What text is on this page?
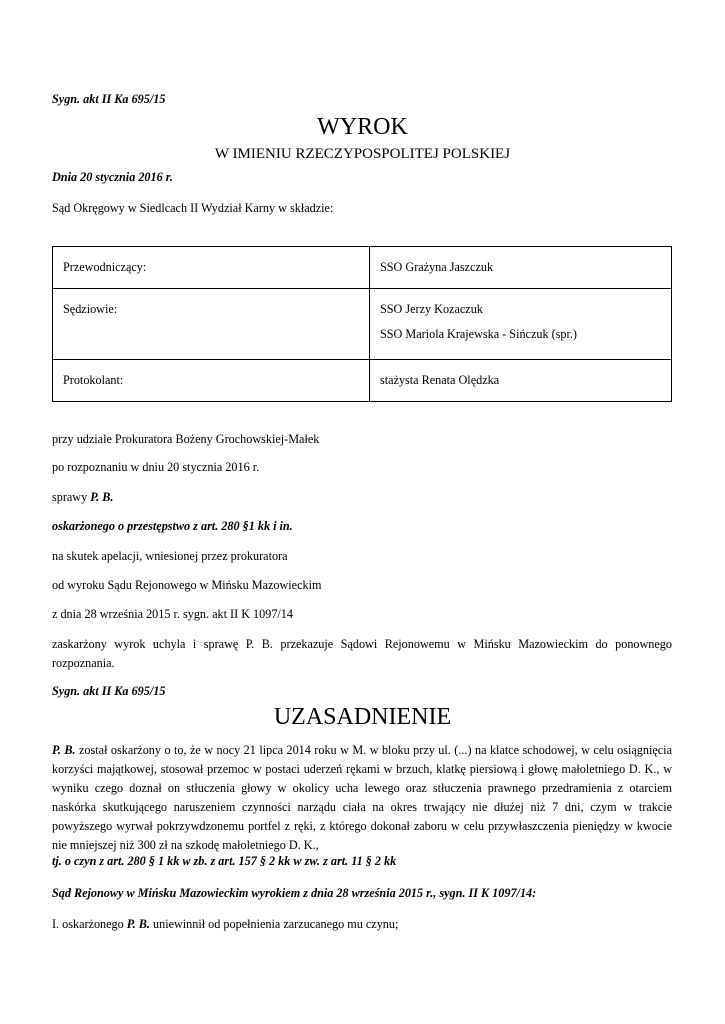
Sygn. akt II Ka 695/15
WYROK
W IMIENIU RZECZYPOSPOLITEJ POLSKIEJ
Dnia 20 stycznia 2016 r.
Sąd Okręgowy w Siedlcach II Wydział Karny w składzie:
Przewodniczący:	SSO Grażyna Jaszczuk

Sędziowie:	SSO Jerzy Kozaczuk
SSO Mariola Krajewska - Sińczuk (spr.)

Protokolant:	stażysta Renata Olędzka
przy udziale Prokuratora Bożeny Grochowskiej-Małek
po rozpoznaniu w dniu 20 stycznia 2016 r.
sprawy P. B.
oskarżonego o przestępstwo z art. 280 §1 kk i in.
na skutek apelacji, wniesionej przez prokuratora
od wyroku Sądu Rejonowego w Mińsku Mazowieckim
z dnia 28 września 2015 r. sygn. akt II K 1097/14
zaskarżony wyrok uchyla i sprawę P. B. przekazuje Sądowi Rejonowemu w Mińsku Mazowieckim do ponownego rozpoznania.
Sygn. akt II Ka 695/15
UZASADNIENIE
P. B. został oskarżony o to, że w nocy 21 lipca 2014 roku w M. w bloku przy ul. (...) na klatce schodowej, w celu osiągnięcia korzyści majątkowej, stosował przemoc w postaci uderzeń rękami w brzuch, klatkę piersiową i głowę małoletniego D. K., w wyniku czego doznał on stłuczenia głowy w okolicy ucha lewego oraz stłuczenia prawnego przedramienia z otarciem naskórka skutkującego naruszeniem czynności narządu ciała na okres trwający nie dłużej niż 7 dni, czym w trakcie powyższego wyrwał pokrzywdzonemu portfel z ręki, z którego dokonał zaboru w celu przywłaszczenia pieniędzy w kwocie nie mniejszej niż 300 zł na szkodę małoletniego D. K.,
tj. o czyn z art. 280 § 1 kk w zb. z art. 157 § 2 kk w zw. z art. 11 § 2 kk
Sąd Rejonowy w Mińsku Mazowieckim wyrokiem z dnia 28 września 2015 r., sygn. II K 1097/14:
I. oskarżonego P. B. uniewinnił od popełnienia zarzucanego mu czynu;
